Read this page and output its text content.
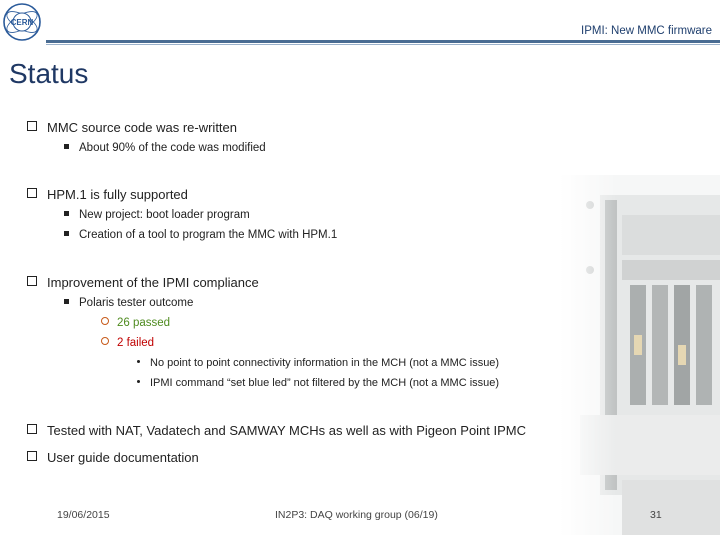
CERN
IPMI: New MMC firmware
Status
MMC source code was re-written
About 90% of the code was modified
HPM.1 is fully supported
New project: boot loader program
Creation of a tool to program the MMC with HPM.1
Improvement of the IPMI compliance
Polaris tester outcome
26 passed
2 failed
No point to point connectivity information in the MCH (not a MMC issue)
IPMI command “set blue led” not filtered by the MCH (not a MMC issue)
Tested with NAT, Vadatech and SAMWAY MCHs as well as with Pigeon Point IPMC
User guide documentation
19/06/2015	IN2P3: DAQ working group (06/19)	31
